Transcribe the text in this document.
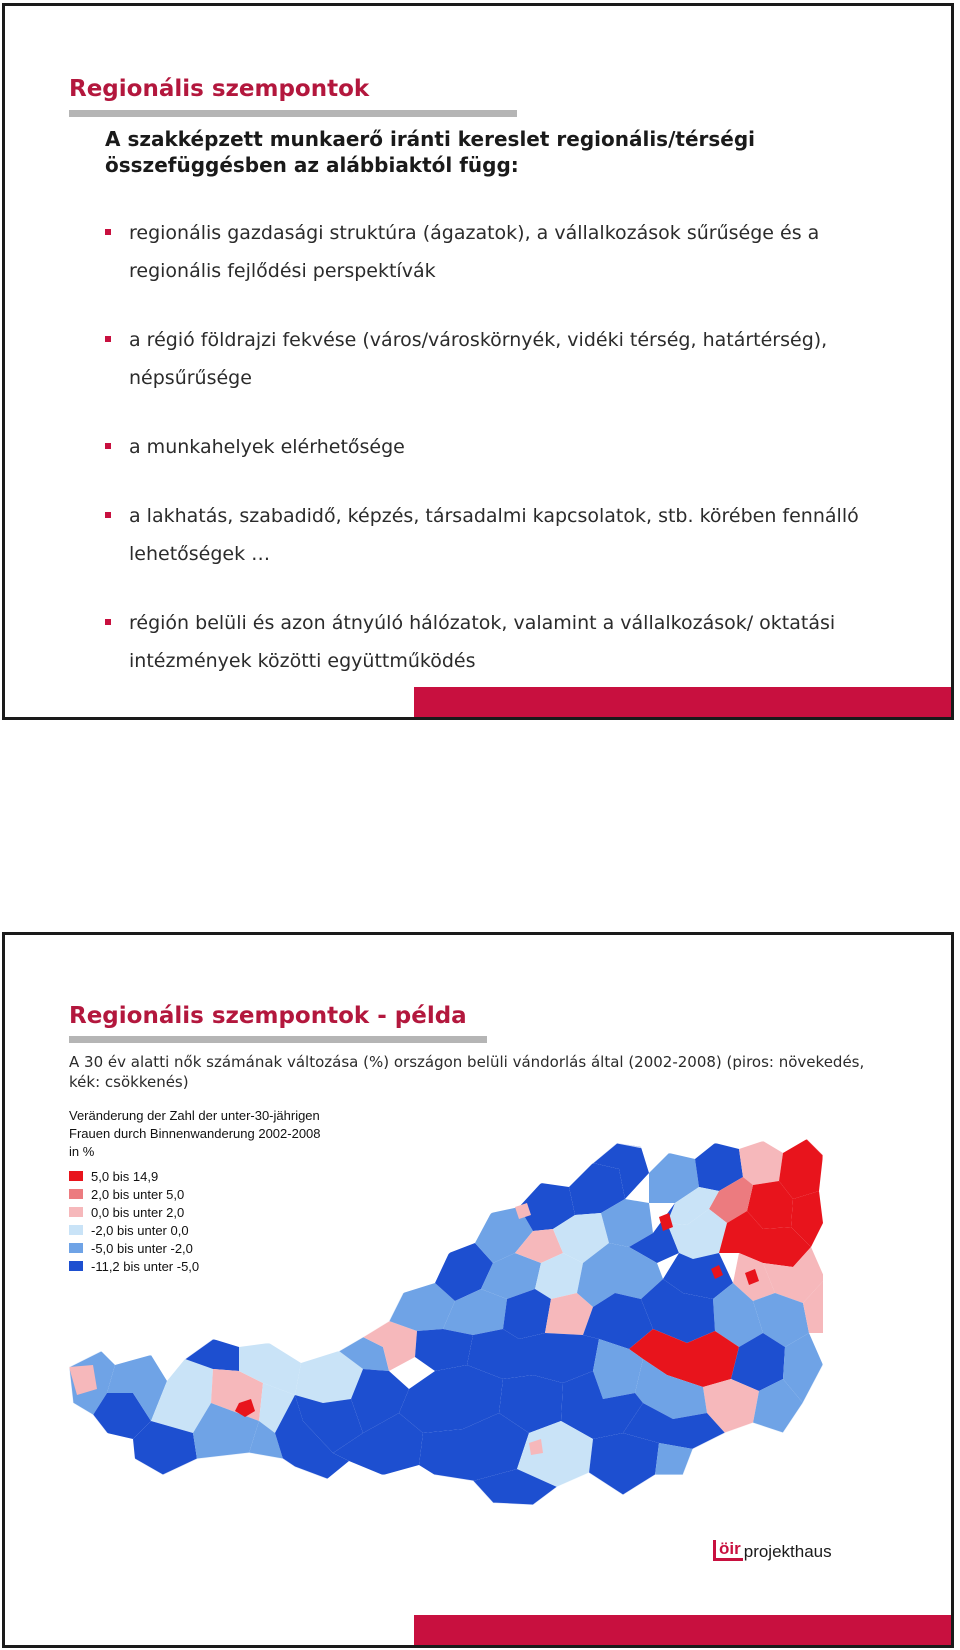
Regionális szempontok
A szakképzett munkaerő iránti kereslet regionális/térségi összefüggésben az alábbiaktól függ:
regionális gazdasági struktúra (ágazatok), a vállalkozások sűrűsége és a regionális fejlődési perspektívák
a régió földrajzi fekvése (város/városkörnyék, vidéki térség, határtérség), népsűrűsége
a munkahelyek elérhetősége
a lakhatás, szabadidő, képzés, társadalmi kapcsolatok, stb. körében fennálló lehetőségek …
régión belüli és azon átnyúló hálózatok, valamint a vállalkozások/ oktatási intézmények közötti együttműködés
Regionális szempontok - példa
A 30 év alatti nők számának változása (%) országon belüli vándorlás által (2002-2008) (piros: növekedés, kék: csökkenés)
Veränderung der Zahl der unter-30-jährigen Frauen durch Binnenwanderung 2002-2008 in %
5,0 bis 14,9
2,0 bis unter 5,0
0,0 bis unter 2,0
-2,0 bis unter 0,0
-5,0 bis unter -2,0
-11,2 bis unter -5,0
öir projekthaus
